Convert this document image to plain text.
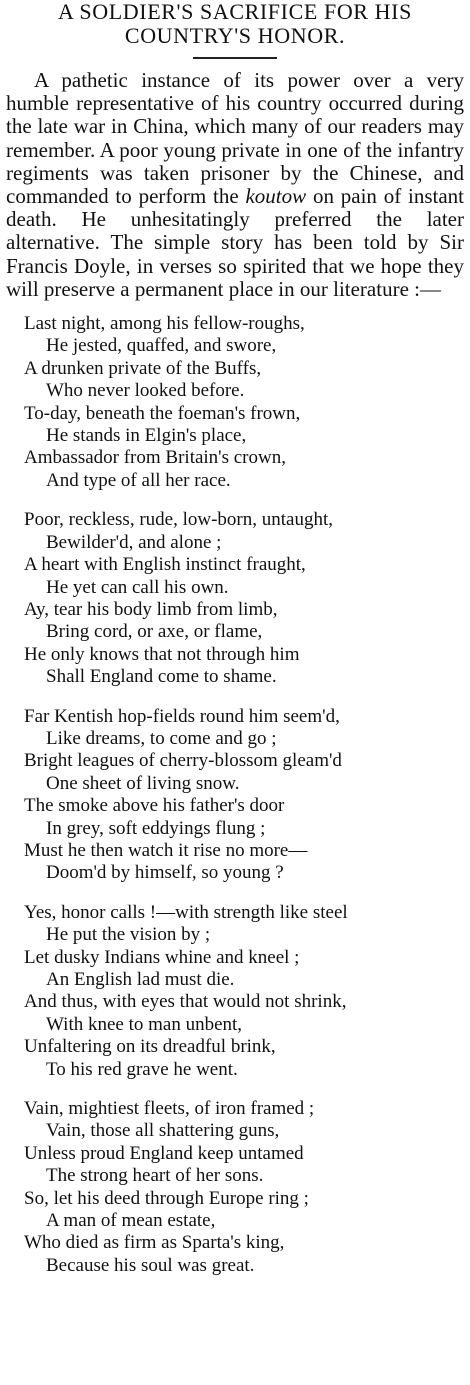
A SOLDIER'S SACRIFICE FOR HIS
COUNTRY'S HONOR.

A pathetic instance of its power over a very humble representative of his country occurred during the late war in China, which many of our readers may remember. A poor young private in one of the infantry regiments was taken prisoner by the Chinese, and commanded to perform the koutow on pain of instant death. He unhesitatingly preferred the later alternative. The simple story has been told by Sir Francis Doyle, in verses so spirited that we hope they will preserve a permanent place in our literature :—

Last night, among his fellow-roughs,
He jested, quaffed, and swore,
A drunken private of the Buffs,
Who never looked before.
To-day, beneath the foeman's frown,
He stands in Elgin's place,
Ambassador from Britain's crown,
And type of all her race.
Poor, reckless, rude, low-born, untaught,
Bewilder'd, and alone ;
A heart with English instinct fraught,
He yet can call his own.
Ay, tear his body limb from limb,
Bring cord, or axe, or flame,
He only knows that not through him
Shall England come to shame.
Far Kentish hop-fields round him seem'd,
Like dreams, to come and go ;
Bright leagues of cherry-blossom gleam'd
One sheet of living snow.
The smoke above his father's door
In grey, soft eddyings flung ;
Must he then watch it rise no more—
Doom'd by himself, so young ?
Yes, honor calls !—with strength like steel
He put the vision by ;
Let dusky Indians whine and kneel ;
An English lad must die.
And thus, with eyes that would not shrink,
With knee to man unbent,
Unfaltering on its dreadful brink,
To his red grave he went.
Vain, mightiest fleets, of iron framed ;
Vain, those all shattering guns,
Unless proud England keep untamed
The strong heart of her sons.
So, let his deed through Europe ring ;
A man of mean estate,
Who died as firm as Sparta's king,
Because his soul was great.
